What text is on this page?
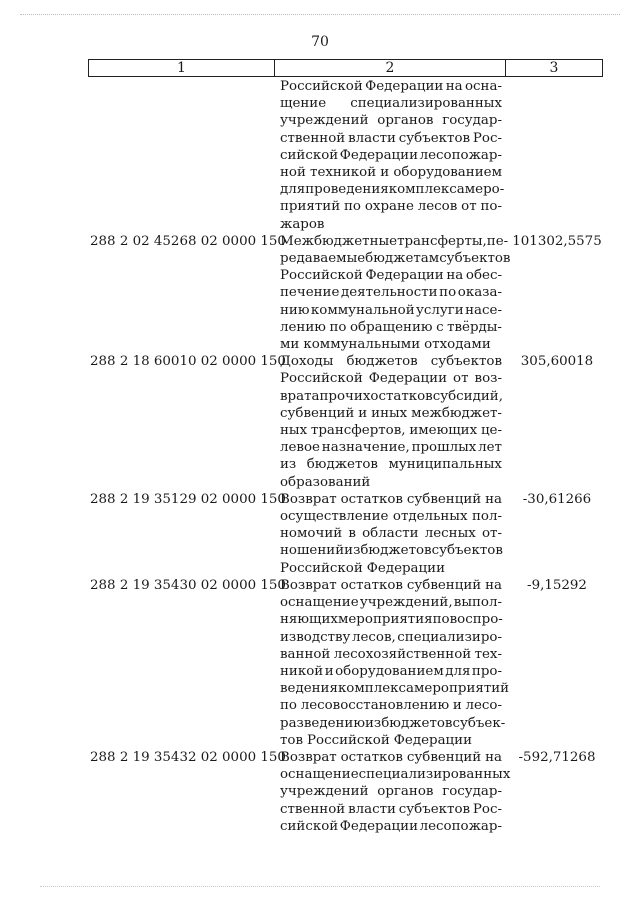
70
1	2	3
Российской Федерации на осна-
щение специализированных
учреждений органов государ-
ственной власти субъектов Рос-
сийской Федерации лесопожар-
ной техникой и оборудованием
для проведения комплекса меро-
приятий по охране лесов от по-
жаров
288 2 02 45268 02 0000 150
Межбюджетные трансферты, пе-
редаваемые бюджетам субъектов
Российской Федерации на обес-
печение деятельности по оказа-
нию коммунальной услуги насе-
лению по обращению с твёрды-
ми коммунальными отходами
101302,5575
288 2 18 60010 02 0000 150
Доходы бюджетов субъектов
Российской Федерации от воз-
врата прочих остатков субсидий,
субвенций и иных межбюджет-
ных трансфертов, имеющих це-
левое назначение, прошлых лет
из бюджетов муниципальных
образований
305,60018
288 2 19 35129 02 0000 150
Возврат остатков субвенций на
осуществление отдельных пол-
номочий в области лесных от-
ношений из бюджетов субъектов
Российской Федерации
-30,61266
288 2 19 35430 02 0000 150
Возврат остатков субвенций на
оснащение учреждений, выпол-
няющих мероприятия по воспро-
изводству лесов, специализиро-
ванной лесохозяйственной тех-
никой и оборудованием для про-
ведения комплекса мероприятий
по лесовосстановлению и лесо-
разведению из бюджетов субъек-
тов Российской Федерации
-9,15292
288 2 19 35432 02 0000 150
Возврат остатков субвенций на
оснащение специализированных
учреждений органов государ-
ственной власти субъектов Рос-
сийской Федерации лесопожар-
-592,71268
